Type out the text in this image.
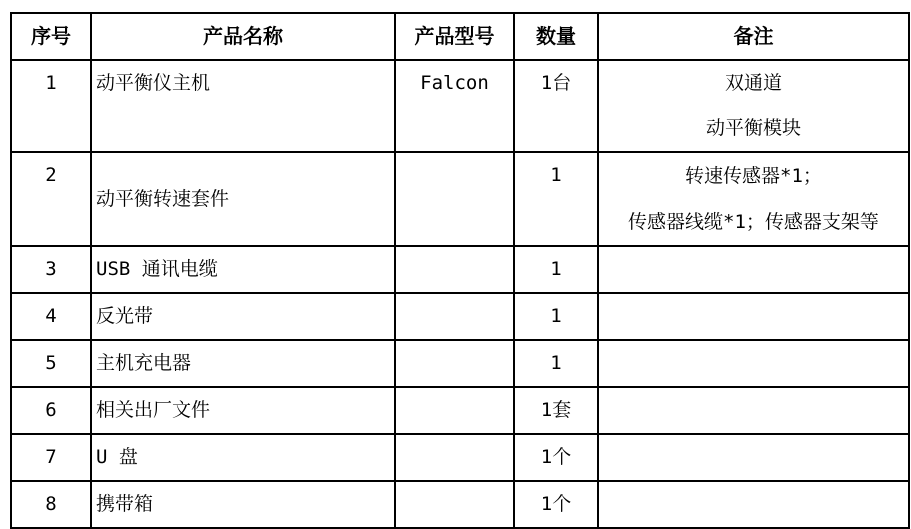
序号	产品名称	产品型号	数量	备注
1	动平衡仪主机	Falcon	1台	双通道
动平衡模块

2	动平衡转速套件		1	转速传感器*1；
传感器线缆*1；传感器支架等

3	USB 通讯电缆		1	
4	反光带		1	
5	主机充电器		1	
6	相关出厂文件		1套	
7	U 盘		1个	
8	携带箱		1个	
